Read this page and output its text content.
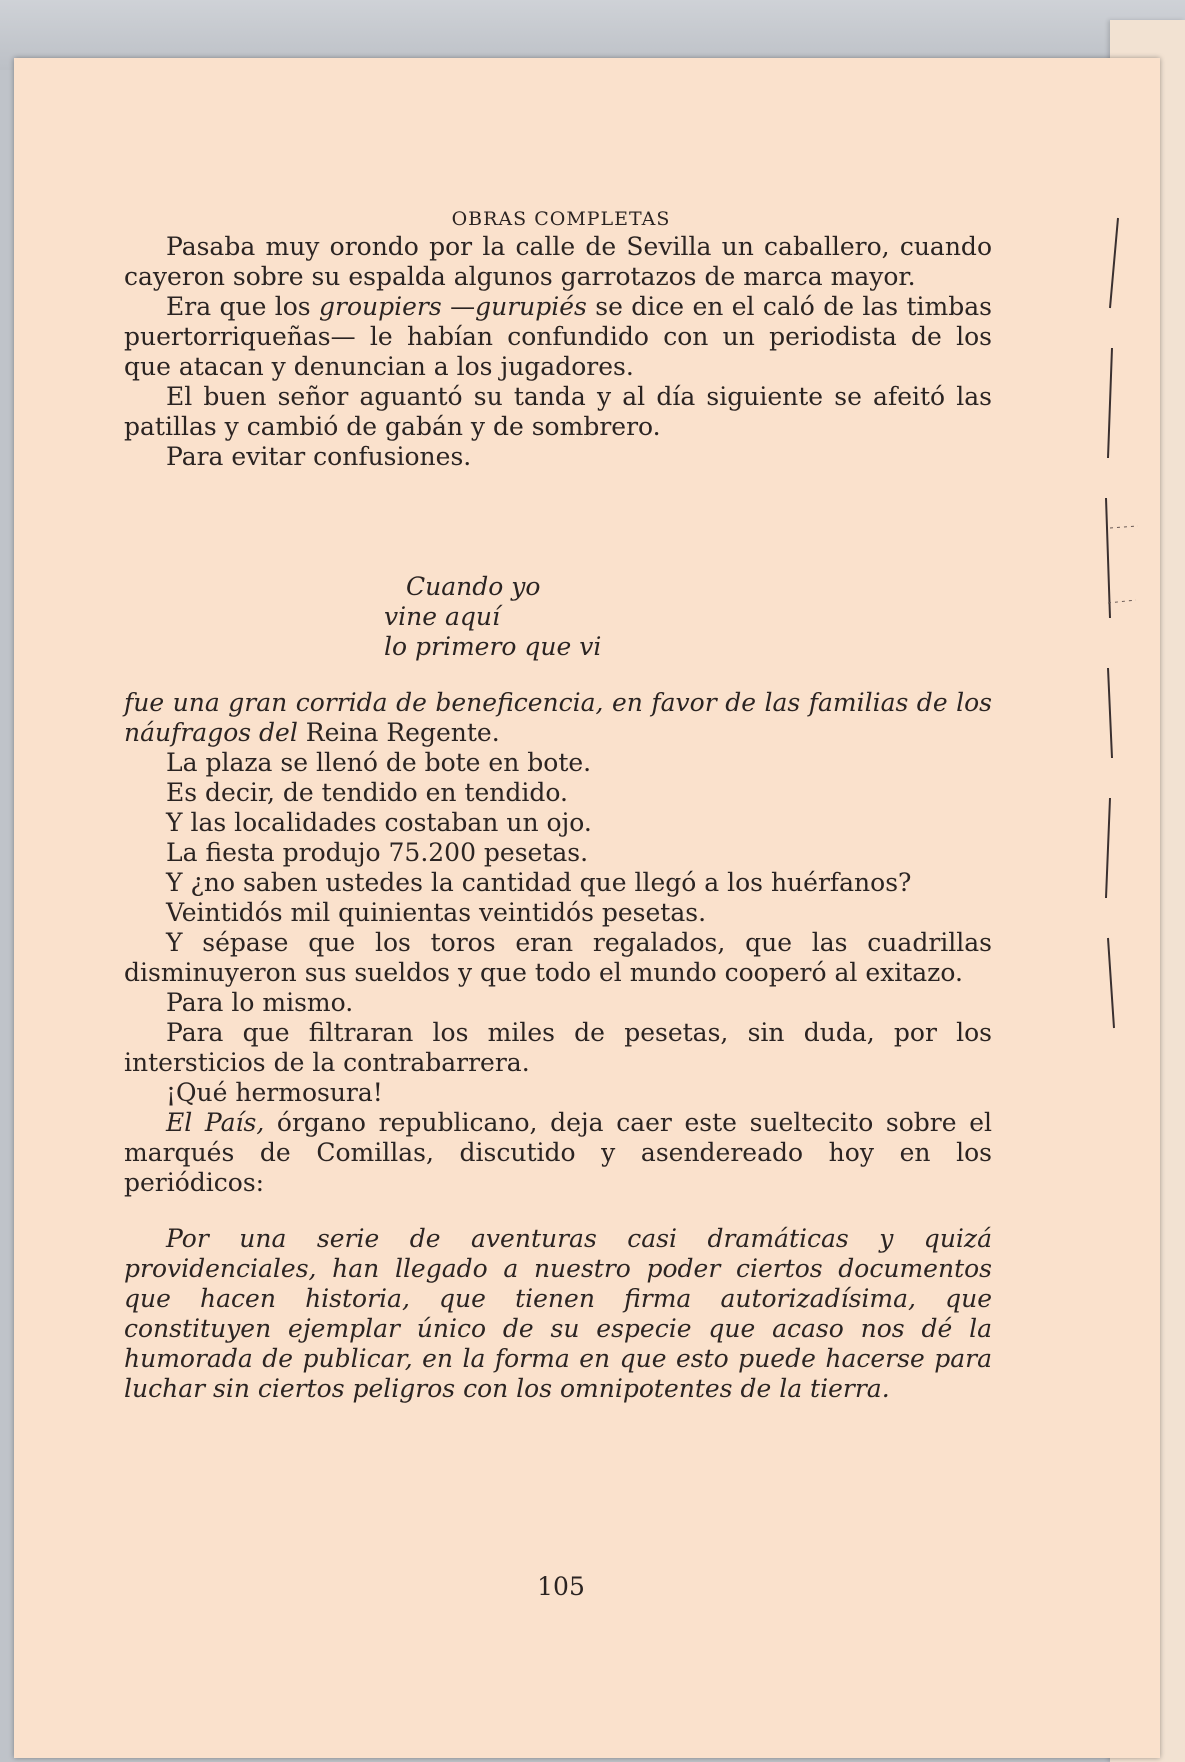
OBRAS COMPLETAS

Pasaba muy orondo por la calle de Sevilla un caballero, cuando cayeron sobre su espalda algunos garrotazos de marca mayor.

Era que los groupiers —gurupiés se dice en el caló de las timbas puertorriqueñas— le habían confundido con un periodista de los que atacan y denuncian a los jugadores.

El buen señor aguantó su tanda y al día siguiente se afeitó las patillas y cambió de gabán y de sombrero.

Para evitar confusiones.

Cuando yo
vine aquí
lo primero que vi

fue una gran corrida de beneficencia, en favor de las familias de los náufragos del Reina Regente.

La plaza se llenó de bote en bote.

Es decir, de tendido en tendido.

Y las localidades costaban un ojo.

La fiesta produjo 75.200 pesetas.

Y ¿no saben ustedes la cantidad que llegó a los huérfanos?

Veintidós mil quinientas veintidós pesetas.

Y sépase que los toros eran regalados, que las cuadrillas disminuyeron sus sueldos y que todo el mundo cooperó al exitazo.

Para lo mismo.

Para que filtraran los miles de pesetas, sin duda, por los intersticios de la contrabarrera.

¡Qué hermosura!

El País, órgano republicano, deja caer este sueltecito sobre el marqués de Comillas, discutido y asendereado hoy en los periódicos:

Por una serie de aventuras casi dramáticas y quizá providenciales, han llegado a nuestro poder ciertos documentos que hacen historia, que tienen firma autorizadísima, que constituyen ejemplar único de su especie que acaso nos dé la humorada de publicar, en la forma en que esto puede hacerse para luchar sin ciertos peligros con los omnipotentes de la tierra.

105
